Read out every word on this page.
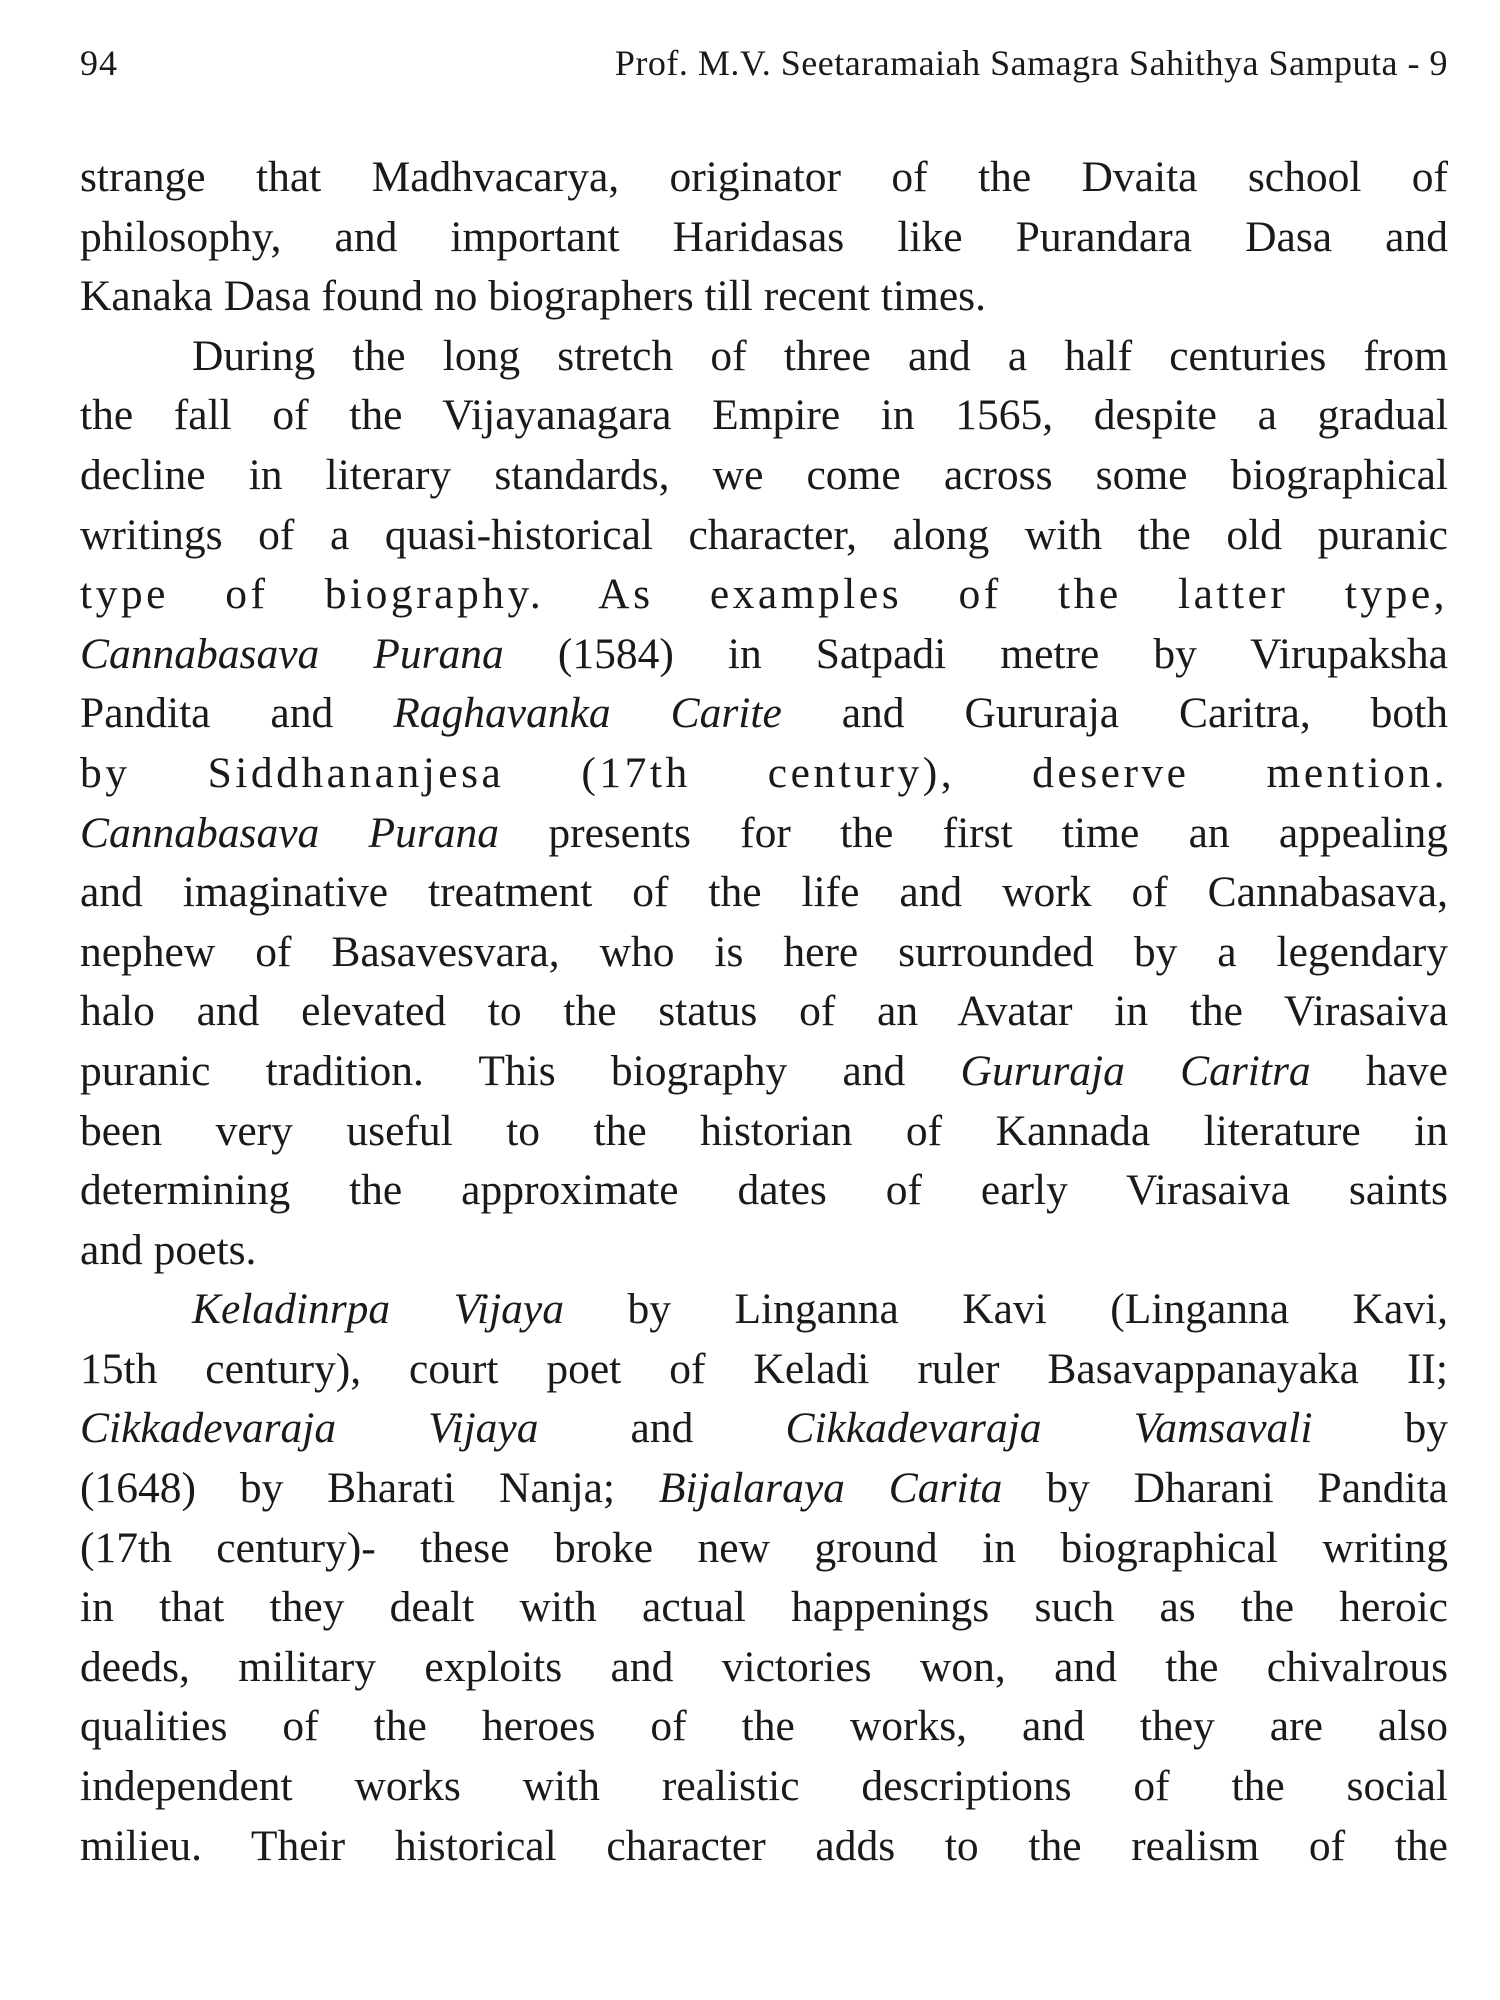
94	Prof. M.V. Seetaramaiah Samagra Sahithya Samputa - 9
strange that Madhvacarya, originator of the Dvaita school of
philosophy, and important Haridasas like Purandara Dasa and
Kanaka Dasa found no biographers till recent times.
During the long stretch of three and a half centuries from
the fall of the Vijayanagara Empire in 1565, despite a gradual
decline in literary standards, we come across some biographical
writings of a quasi-historical character, along with the old puranic
type of biography. As examples of the latter type,
Cannabasava Purana (1584) in Satpadi metre by Virupaksha
Pandita and Raghavanka Carite and Gururaja Caritra, both
by Siddhananjesa (17th century), deserve mention.
Cannabasava Purana presents for the first time an appealing
and imaginative treatment of the life and work of Cannabasava,
nephew of Basavesvara, who is here surrounded by a legendary
halo and elevated to the status of an Avatar in the Virasaiva
puranic tradition. This biography and Gururaja Caritra have
been very useful to the historian of Kannada literature in
determining the approximate dates of early Virasaiva saints
and poets.
Keladinrpa Vijaya by Linganna Kavi (Linganna Kavi,
15th century), court poet of Keladi ruler Basavappanayaka II;
Cikkadevaraja Vijaya and Cikkadevaraja Vamsavali by
(1648) by Bharati Nanja; Bijalaraya Carita by Dharani Pandita
(17th century)- these broke new ground in biographical writing
in that they dealt with actual happenings such as the heroic
deeds, military exploits and victories won, and the chivalrous
qualities of the heroes of the works, and they are also
independent works with realistic descriptions of the social
milieu. Their historical character adds to the realism of the
